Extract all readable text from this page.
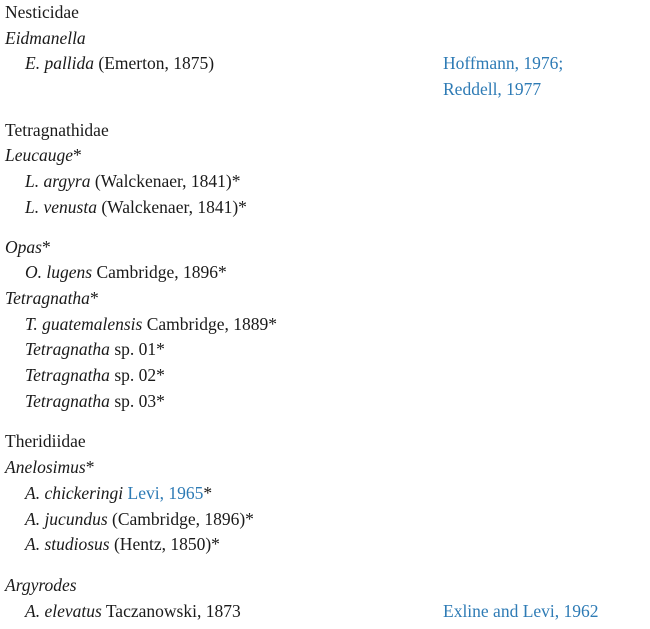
Nesticidae
Eidmanella
E. pallida (Emerton, 1875)	Hoffmann, 1976;
Reddell, 1977
Tetragnathidae
Leucauge*
L. argyra (Walckenaer, 1841)*
L. venusta (Walckenaer, 1841)*
Opas*
O. lugens Cambridge, 1896*
Tetragnatha*
T. guatemalensis Cambridge, 1889*
Tetragnatha sp. 01*
Tetragnatha sp. 02*
Tetragnatha sp. 03*
Theridiidae
Anelosimus*
A. chickeringi Levi, 1965*
A. jucundus (Cambridge, 1896)*
A. studiosus (Hentz, 1850)*
Argyrodes
A. elevatus Taczanowski, 1873	Exline and Levi, 1962
